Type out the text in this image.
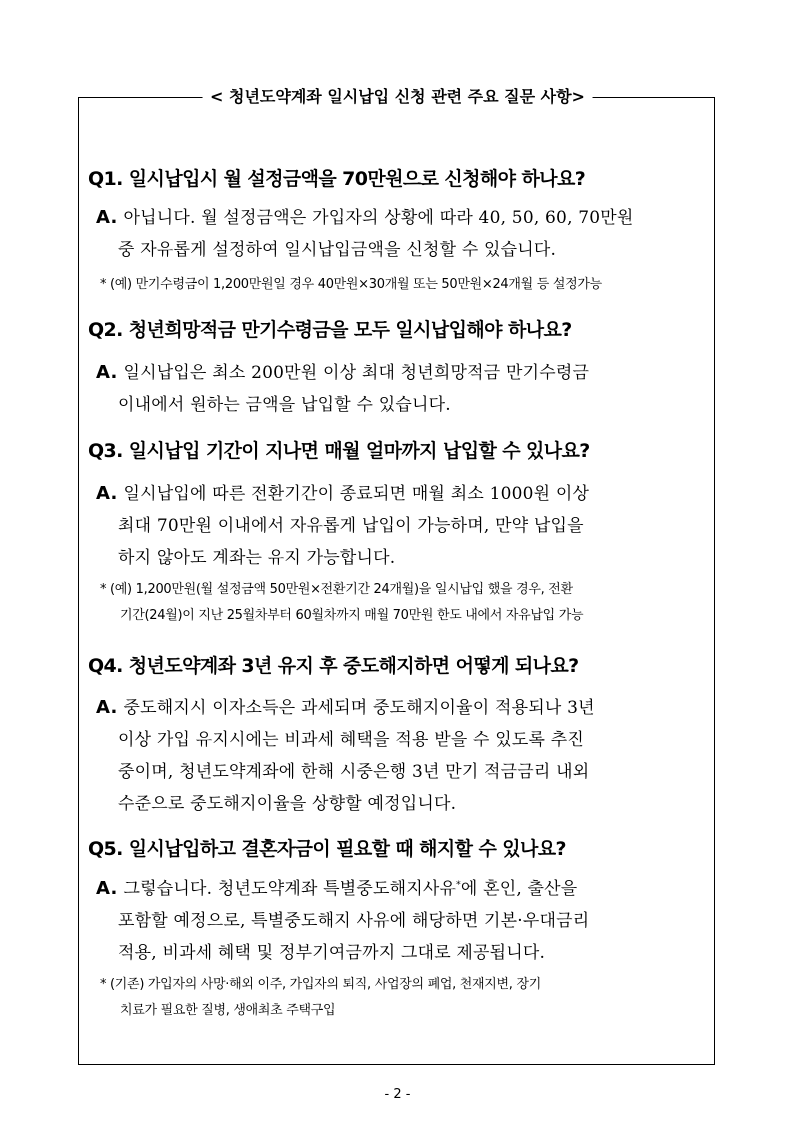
< 청년도약계좌 일시납입 신청 관련 주요 질문 사항>
Q1. 일시납입시 월 설정금액을 70만원으로 신청해야 하나요?
A. 아닙니다. 월 설정금액은 가입자의 상황에 따라 40, 50, 60, 70만원
중 자유롭게 설정하여 일시납입금액을 신청할 수 있습니다.
* (예) 만기수령금이 1,200만원일 경우 40만원×30개월 또는 50만원×24개월 등 설정가능
Q2. 청년희망적금 만기수령금을 모두 일시납입해야 하나요?
A. 일시납입은 최소 200만원 이상 최대 청년희망적금 만기수령금
이내에서 원하는 금액을 납입할 수 있습니다.
Q3. 일시납입 기간이 지나면 매월 얼마까지 납입할 수 있나요?
A. 일시납입에 따른 전환기간이 종료되면 매월 최소 1000원 이상
최대 70만원 이내에서 자유롭게 납입이 가능하며, 만약 납입을
하지 않아도 계좌는 유지 가능합니다.
* (예) 1,200만원(월 설정금액 50만원×전환기간 24개월)을 일시납입 했을 경우, 전환
기간(24월)이 지난 25월차부터 60월차까지 매월 70만원 한도 내에서 자유납입 가능
Q4. 청년도약계좌 3년 유지 후 중도해지하면 어떻게 되나요?
A. 중도해지시 이자소득은 과세되며 중도해지이율이 적용되나 3년
이상 가입 유지시에는 비과세 혜택을 적용 받을 수 있도록 추진
중이며, 청년도약계좌에 한해 시중은행 3년 만기 적금금리 내외
수준으로 중도해지이율을 상향할 예정입니다.
Q5. 일시납입하고 결혼자금이 필요할 때 해지할 수 있나요?
A. 그렇습니다. 청년도약계좌 특별중도해지사유*에 혼인, 출산을
포함할 예정으로, 특별중도해지 사유에 해당하면 기본·우대금리
적용, 비과세 혜택 및 정부기여금까지 그대로 제공됩니다.
* (기존) 가입자의 사망·해외 이주, 가입자의 퇴직, 사업장의 폐업, 천재지변, 장기
치료가 필요한 질병, 생애최초 주택구입
- 2 -
